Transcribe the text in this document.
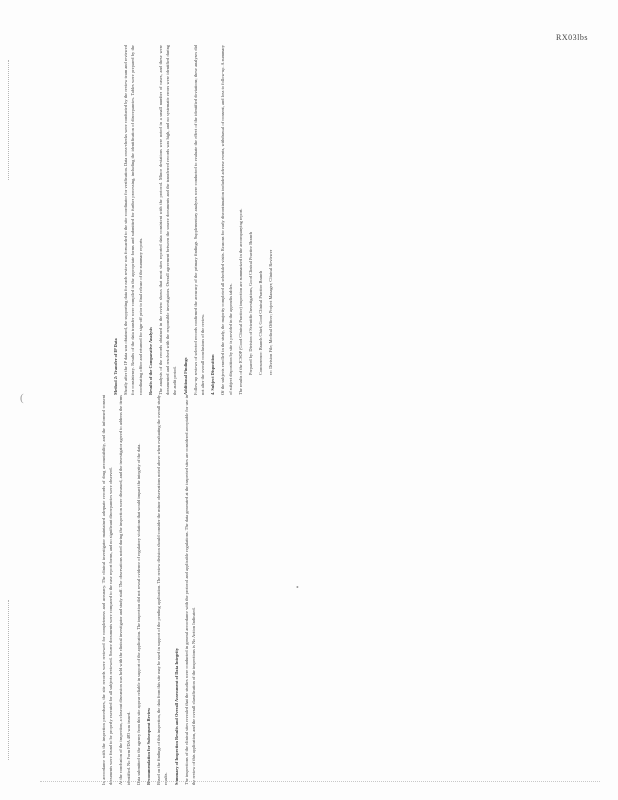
RX03lbs

Method 2: Transfer of IP Data Shortly after the IP data was obtained, the supporting data for each review was forwarded to the site coordinator for verification. Data cross-checks were conducted by the review team and reviewed for consistency. Results of the data transfer were compiled in the appropriate forms and submitted for further processing, including the identification of discrepancies. Tables were prepared by the coordinating office and returned for sign-off prior to final release of the summary reports. Results of the Comparative Analysis The analysis of the records obtained in the review shows that most sites reported data consistent with the protocol. Minor deviations were noted in a small number of cases, and these were documented and resolved with the responsible investigators. Overall agreement between the source documents and the transferred records was high, and no systematic errors were identified during the audit period. Additional Findings Follow-up reviews of selected records confirmed the accuracy of the primary findings. Supplementary analyses were conducted to evaluate the effect of the identified deviations; these analyses did not alter the overall conclusions of the review. 4. Subject Disposition Of the subjects enrolled in the study, the majority completed all scheduled visits. Reasons for early discontinuation included adverse events, withdrawal of consent, and loss to follow-up. A summary of subject disposition by site is provided in the appendix tables. The results of the ICSOP (Good Clinical Practice) inspection are summarized in the accompanying report. Prepared by: Division of Scientific Investigations, Good Clinical Practice Branch Concurrence: Branch Chief, Good Clinical Practice Branch cc: Division File; Medical Officer; Project Manager; Clinical Reviewer

In accordance with the inspection procedures, the site records were reviewed for completeness and accuracy. The clinical investigator maintained adequate records of drug accountability, and the informed consent documents were found to be properly executed for all subjects reviewed. Source documents were compared to the case report forms, and no significant discrepancies were observed. At the conclusion of the inspection, a closeout discussion was held with the clinical investigator and study staff. The observations noted during the inspection were discussed, and the investigator agreed to address the items identified. No Form FDA 483 was issued. Data submitted to the agency from this site appear reliable in support of the application. The inspection did not reveal evidence of regulatory violations that would impact the integrity of the data. Recommendation for Subsequent Review Based on the findings of this inspection, the data from this site may be used in support of the pending application. The review division should consider the minor observations noted above when evaluating the overall study results. Summary of Inspection Results and Overall Assessment of Data Integrity The inspections of the clinical sites revealed that the studies were conducted in general accordance with the protocol and applicable regulations. The data generated at the inspected sites are considered acceptable for use in the review of this application, and the overall classification of the inspections is No Action Indicated.

(
•
